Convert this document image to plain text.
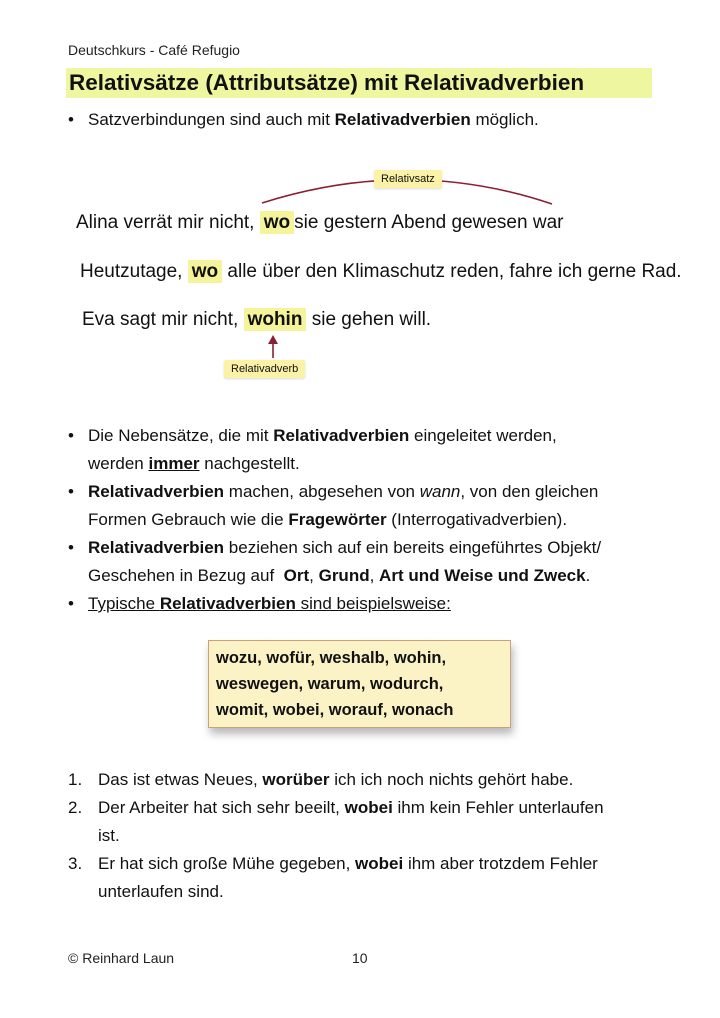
Deutschkurs - Café Refugio
Relativsätze (Attributsätze) mit Relativadverbien
• Satzverbindungen sind auch mit Relativadverbien möglich.
Relativsatz
Alina verrät mir nicht, wo sie gestern Abend gewesen war
Heutzutage, wo alle über den Klimaschutz reden, fahre ich gerne Rad.
Eva sagt mir nicht, wohin sie gehen will.
Relativadverb
• Die Nebensätze, die mit Relativadverbien eingeleitet werden,
werden immer nachgestellt.
• Relativadverbien machen, abgesehen von wann, von den gleichen
Formen Gebrauch wie die Fragewörter (Interrogativadverbien).
• Relativadverbien beziehen sich auf ein bereits eingeführtes Objekt/
Geschehen in Bezug auf  Ort, Grund, Art und Weise und Zweck.
• Typische Relativadverbien sind beispielsweise:
wozu, wofür, weshalb, wohin,
weswegen, warum, wodurch,
womit, wobei, worauf, wonach
1. Das ist etwas Neues, worüber ich ich noch nichts gehört habe.
2. Der Arbeiter hat sich sehr beeilt, wobei ihm kein Fehler unterlaufen
ist.
3. Er hat sich große Mühe gegeben, wobei ihm aber trotzdem Fehler
unterlaufen sind.
© Reinhard Laun	10
